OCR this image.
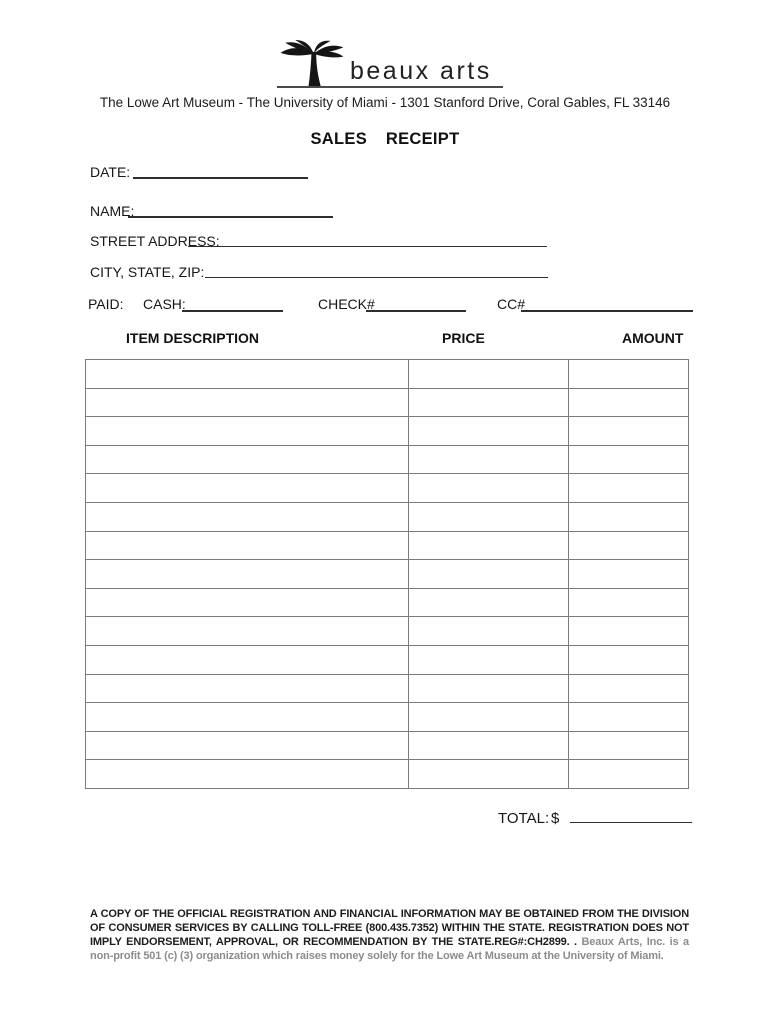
beaux arts
The Lowe Art Museum - The University of Miami - 1301 Stanford Drive, Coral Gables, FL 33146
SALES RECEIPT
DATE:
NAME:
STREET ADDRESS:
CITY, STATE, ZIP:
PAID: CASH:	CHECK#	CC#
ITEM DESCRIPTION	PRICE	AMOUNT

TOTAL: $
A COPY OF THE OFFICIAL REGISTRATION AND FINANCIAL INFORMATION MAY BE OBTAINED FROM THE DIVISION OF CONSUMER SERVICES BY CALLING TOLL-FREE (800.435.7352) WITHIN THE STATE. REGISTRATION DOES NOT IMPLY ENDORSEMENT, APPROVAL, OR RECOMMENDATION BY THE STATE.REG#:CH2899. . Beaux Arts, Inc. is a non-profit 501 (c) (3) organization which raises money solely for the Lowe Art Museum at the University of Miami.
